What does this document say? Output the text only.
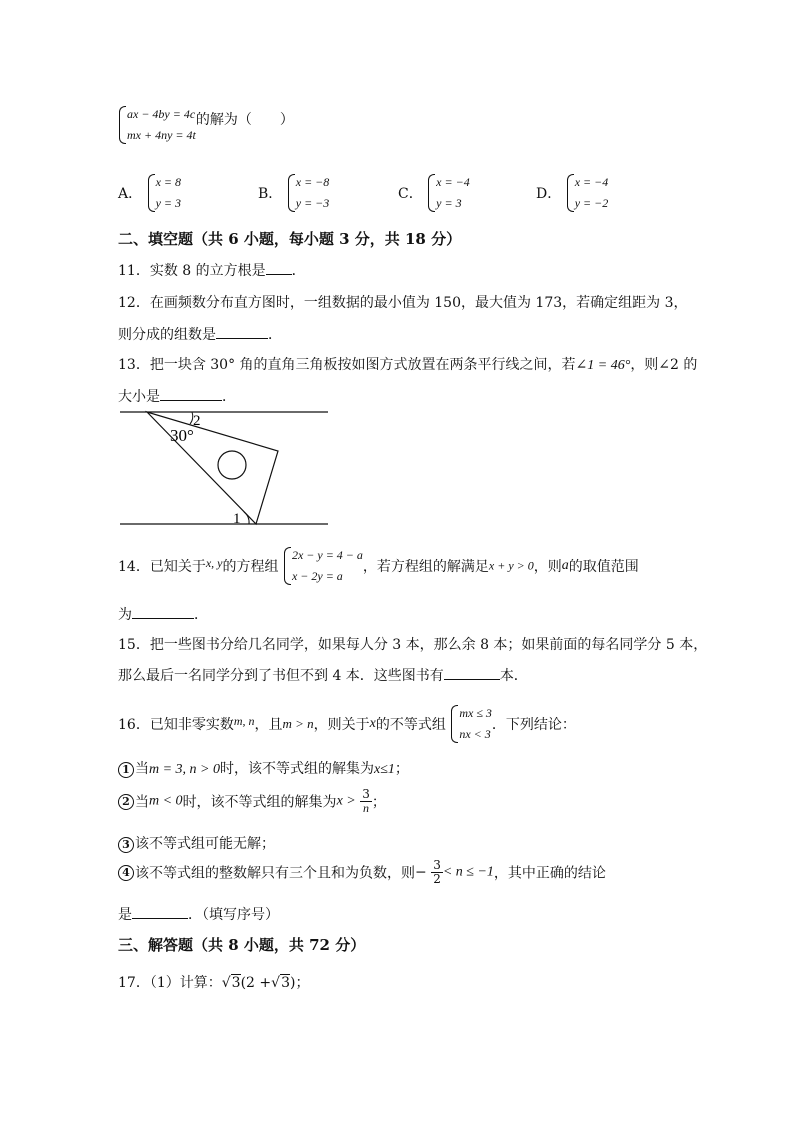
ax − 4by = 4c
mx + 4ny = 4t
的解为（　　）
A．
x = 8
y = 3
B．
x = −8
y = −3
C．
x = −4
y = 3
D．
x = −4
y = −2
二、填空题（共 6 小题，每小题 3 分，共 18 分）
11．实数 8 的立方根是 ．
12．在画频数分布直方图时，一组数据的最小值为 150，最大值为 173，若确定组距为 3，
则分成的组数是	．
13．把一块含 30° 角的直角三角板按如图方式放置在两条平行线之间，若∠1 = 46°，则∠2 的
大小是	．
2
30°
1
14．已知关于x, y的方程组
2x − y = 4 − a
x − 2y = a
，若方程组的解满足x + y > 0，则a的取值范围
为	．
15．把一些图书分给几名同学，如果每人分 3 本，那么余 8 本；如果前面的每名同学分 5 本，
那么最后一名同学分到了书但不到 4 本．这些图书有	本．
16．已知非零实数m, n，且m > n，则关于x的不等式组
mx ≤ 3
nx < 3
．下列结论：
1 当m = 3, n > 0时，该不等式组的解集为x≤1；
2 当m < 0时，该不等式组的解集为$x > \frac{3}{n}$ ；
3 该不等式组可能无解；
4 该不等式组的整数解只有三个且和为负数，则− $\frac{3}{2} < n \le -1$，其中正确的结论
是	．（填写序号）
三、解答题（共 8 小题，共 72 分）
17．（1）计算：√3(2 +√3)；
